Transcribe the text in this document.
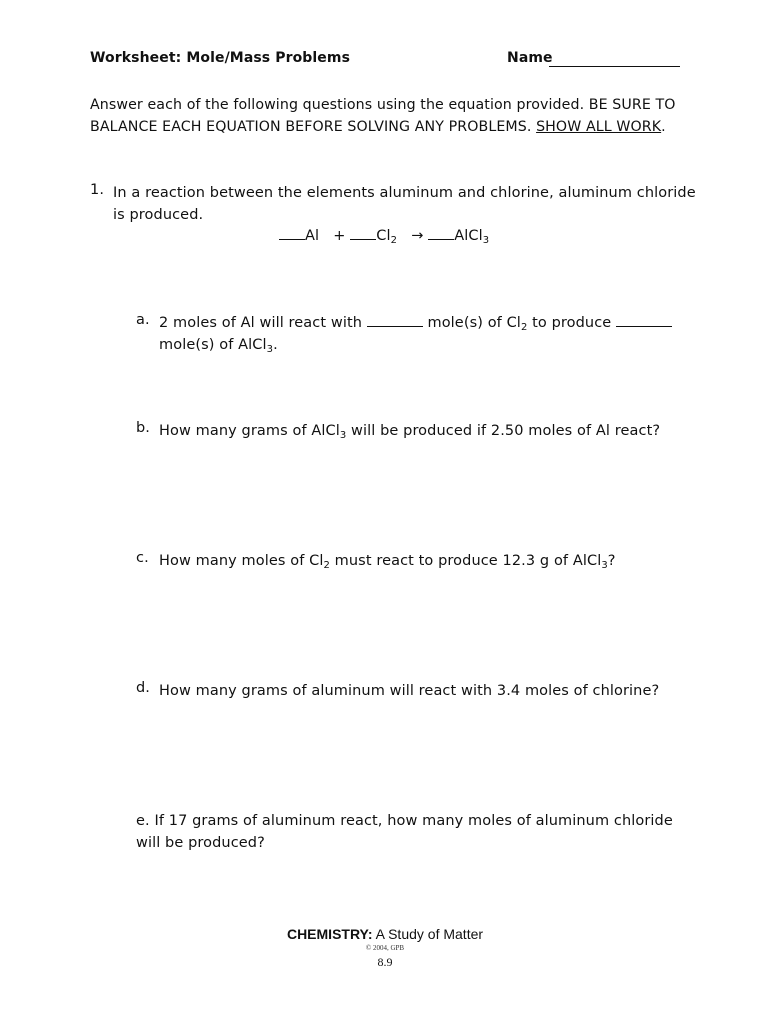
Worksheet: Mole/Mass Problems	Name
Answer each of the following questions using the equation provided. BE SURE TO BALANCE EACH EQUATION BEFORE SOLVING ANY PROBLEMS. SHOW ALL WORK.
1. In a reaction between the elements aluminum and chlorine, aluminum chloride is produced.
$Al + Cl_2$ → AlCl$_3$
a. 2 moles of Al will react with	mole(s) of $Cl_2$ to produce
mole(s) of AlCl$_3$.
b. How many grams of AlCl$_3$ will be produced if 2.50 moles of Al react?
c. How many moles of $Cl_2$ must react to produce 12.3 g of AlCl$_3$?
d. How many grams of aluminum will react with 3.4 moles of chlorine?
e. If 17 grams of aluminum react, how many moles of aluminum chloride will be produced?
CHEMISTRY: A Study of Matter
© 2004, GPB
8.9
